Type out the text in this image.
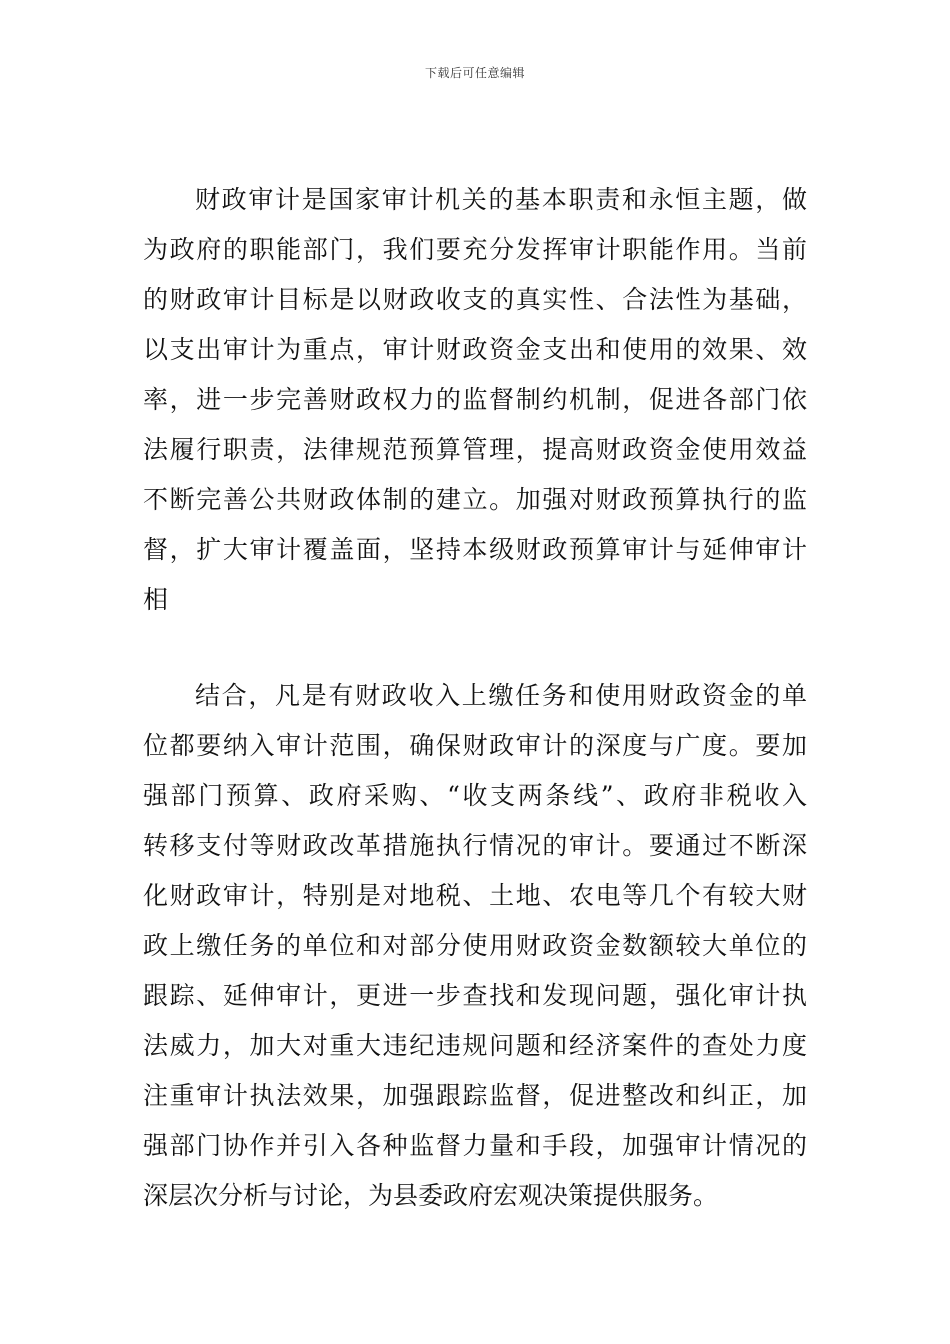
下载后可任意编辑
财政审计是国家审计机关的基本职责和永恒主题，做
为政府的职能部门，我们要充分发挥审计职能作用。当前
的财政审计目标是以财政收支的真实性、合法性为基础，
以支出审计为重点，审计财政资金支出和使用的效果、效
率，进一步完善财政权力的监督制约机制，促进各部门依
法履行职责，法律规范预算管理，提高财政资金使用效益
不断完善公共财政体制的建立。加强对财政预算执行的监
督，扩大审计覆盖面，坚持本级财政预算审计与延伸审计
相
结合，凡是有财政收入上缴任务和使用财政资金的单
位都要纳入审计范围，确保财政审计的深度与广度。要加
强部门预算、政府采购、“收支两条线”、政府非税收入
转移支付等财政改革措施执行情况的审计。要通过不断深
化财政审计，特别是对地税、土地、农电等几个有较大财
政上缴任务的单位和对部分使用财政资金数额较大单位的
跟踪、延伸审计，更进一步查找和发现问题，强化审计执
法威力，加大对重大违纪违规问题和经济案件的查处力度
注重审计执法效果，加强跟踪监督，促进整改和纠正，加
强部门协作并引入各种监督力量和手段，加强审计情况的
深层次分析与讨论，为县委政府宏观决策提供服务。
